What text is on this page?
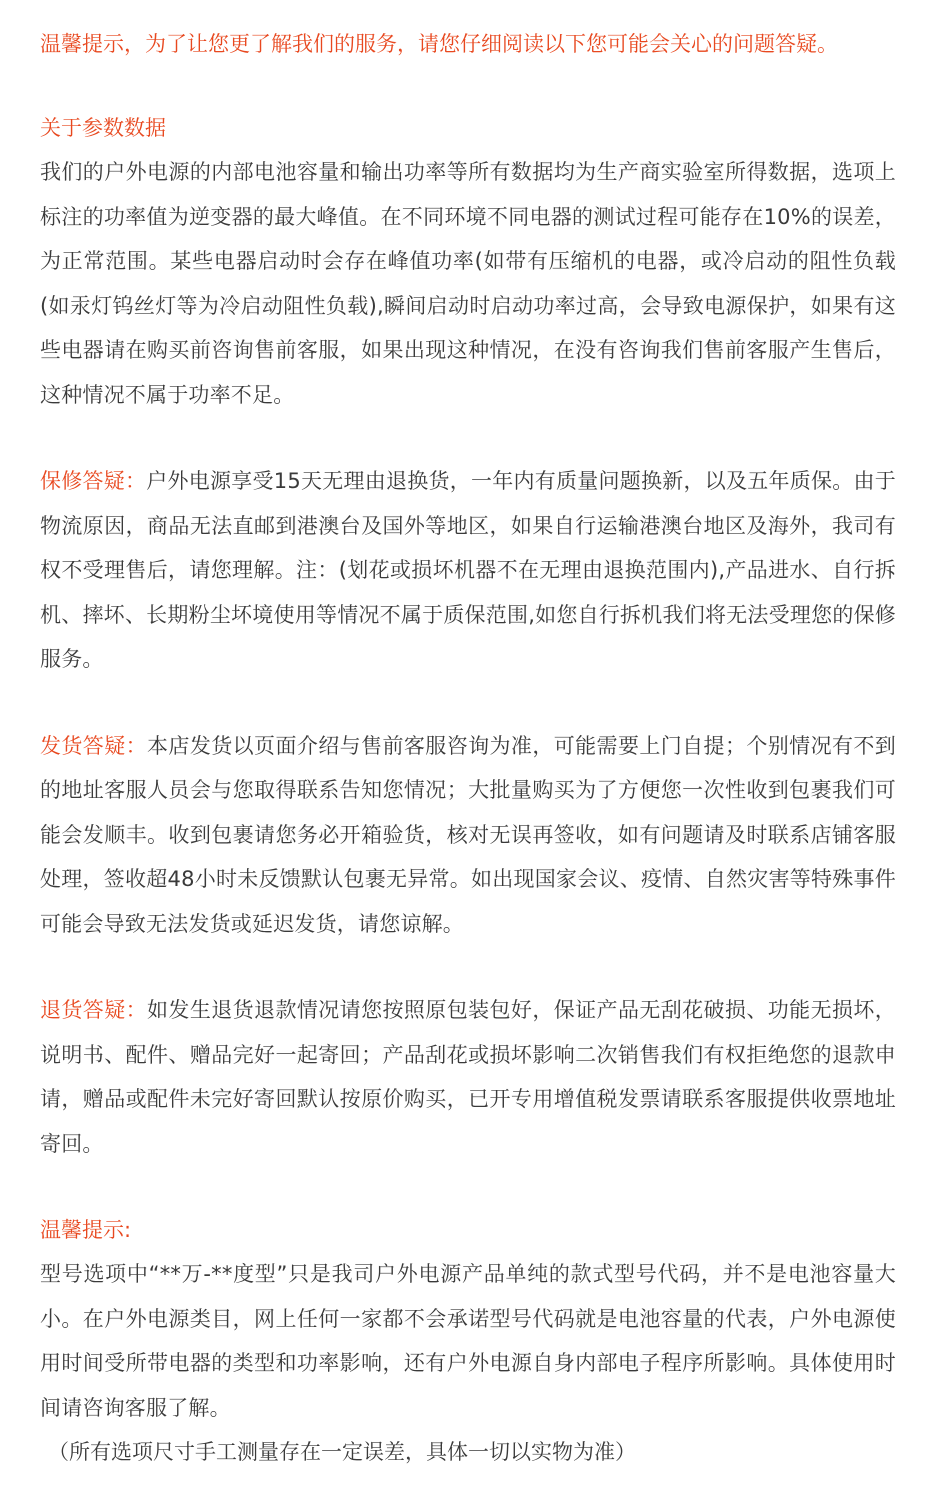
温馨提示，为了让您更了解我们的服务，请您仔细阅读以下您可能会关心的问题答疑。

关于参数数据

我们的户外电源的内部电池容量和输出功率等所有数据均为生产商实验室所得数据，选项上标注的功率值为逆变器的最大峰值。在不同环境不同电器的测试过程可能存在10%的误差，为正常范围。某些电器启动时会存在峰值功率(如带有压缩机的电器，或冷启动的阻性负载(如汞灯钨丝灯等为冷启动阻性负载),瞬间启动时启动功率过高，会导致电源保护，如果有这些电器请在购买前咨询售前客服，如果出现这种情况，在没有咨询我们售前客服产生售后，这种情况不属于功率不足。

保修答疑：户外电源享受15天无理由退换货，一年内有质量问题换新，以及五年质保。由于物流原因，商品无法直邮到港澳台及国外等地区，如果自行运输港澳台地区及海外，我司有权不受理售后，请您理解。注：(划花或损坏机器不在无理由退换范围内),产品进水、自行拆机、摔坏、长期粉尘坏境使用等情况不属于质保范围,如您自行拆机我们将无法受理您的保修服务。

发货答疑：本店发货以页面介绍与售前客服咨询为准，可能需要上门自提；个别情况有不到的地址客服人员会与您取得联系告知您情况；大批量购买为了方便您一次性收到包裹我们可能会发顺丰。收到包裹请您务必开箱验货，核对无误再签收，如有问题请及时联系店铺客服处理，签收超48小时未反馈默认包裹无异常。如出现国家会议、疫情、自然灾害等特殊事件可能会导致无法发货或延迟发货，请您谅解。

退货答疑：如发生退货退款情况请您按照原包装包好，保证产品无刮花破损、功能无损坏，说明书、配件、赠品完好一起寄回；产品刮花或损坏影响二次销售我们有权拒绝您的退款申请，赠品或配件未完好寄回默认按原价购买，已开专用增值税发票请联系客服提供收票地址寄回。

温馨提示:

型号选项中“**万-**度型”只是我司户外电源产品单纯的款式型号代码，并不是电池容量大小。在户外电源类目，网上任何一家都不会承诺型号代码就是电池容量的代表，户外电源使用时间受所带电器的类型和功率影响，还有户外电源自身内部电子程序所影响。具体使用时间请咨询客服了解。

（所有选项尺寸手工测量存在一定误差，具体一切以实物为准）
